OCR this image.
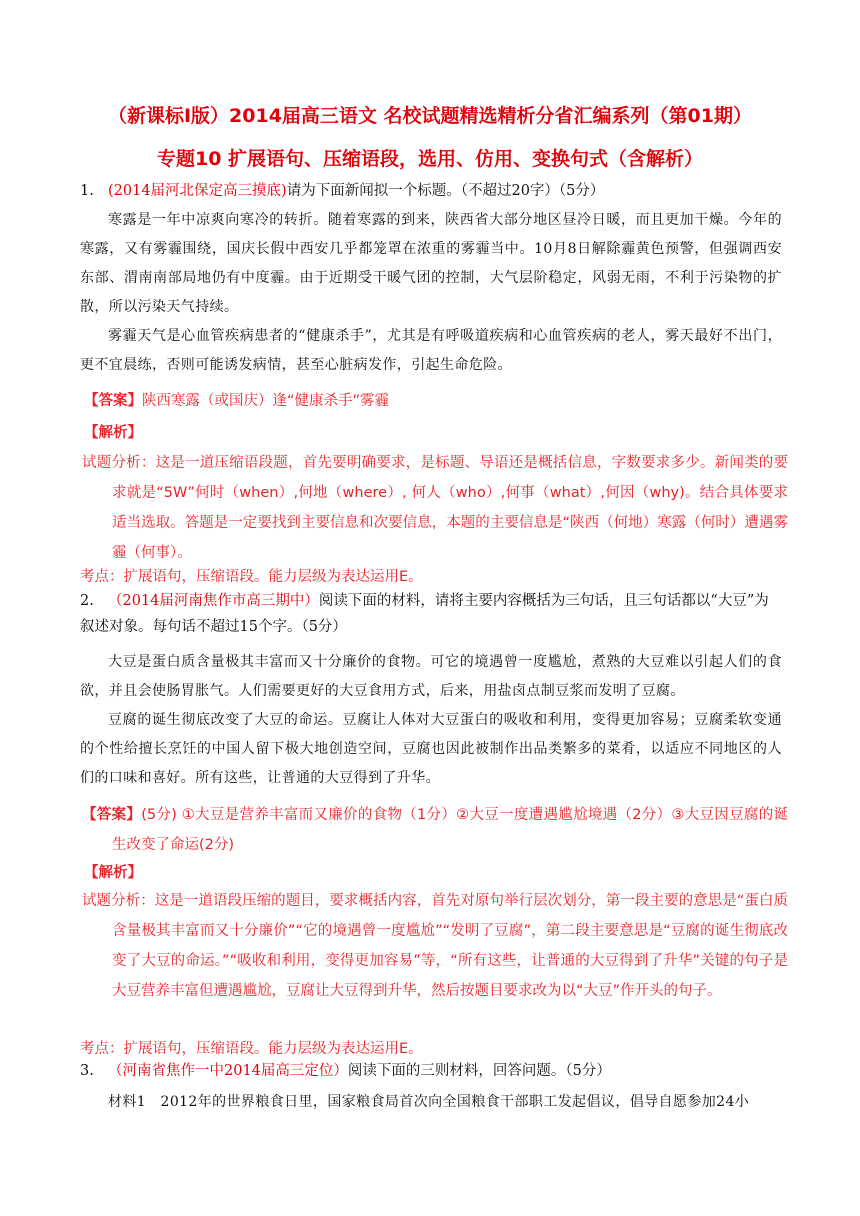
（新课标Ⅰ版）2014届高三语文 名校试题精选精析分省汇编系列（第01期）
专题10 扩展语句、压缩语段，选用、仿用、变换句式（含解析）
1. (2014届河北保定高三摸底)请为下面新闻拟一个标题。（不超过20字）（5分）
寒露是一年中凉爽向寒冷的转折。随着寒露的到来，陕西省大部分地区昼冷日暖，而且更加干燥。今年的寒露，又有雾霾围绕，国庆长假中西安几乎都笼罩在浓重的雾霾当中。10月8日解除霾黄色预警，但强调西安东部、渭南南部局地仍有中度霾。由于近期受干暖气团的控制，大气层阶稳定，风弱无雨，不利于污染物的扩散，所以污染天气持续。
雾霾天气是心血管疾病患者的“健康杀手”，尤其是有呼吸道疾病和心血管疾病的老人，雾天最好不出门，更不宜晨练，否则可能诱发病情，甚至心脏病发作，引起生命危险。
【答案】陕西寒露（或国庆）逢“健康杀手”雾霾
【解析】
试题分析：这是一道压缩语段题，首先要明确要求，是标题、导语还是概括信息，字数要求多少。新闻类的要求就是“5W”何时（when）,何地（where）, 何人（who）,何事（what）,何因（why)。结合具体要求适当选取。答题是一定要找到主要信息和次要信息，本题的主要信息是“陕西（何地）寒露（何时）遭遇雾霾（何事）。
考点：扩展语句，压缩语段。能力层级为表达运用E。
2. （2014届河南焦作市高三期中）阅读下面的材料，请将主要内容概括为三句话，且三句话都以“大豆”为
叙述对象。每句话不超过15个字。（5分）
大豆是蛋白质含量极其丰富而又十分廉价的食物。可它的境遇曾一度尴尬，煮熟的大豆难以引起人们的食欲，并且会使肠胃胀气。人们需要更好的大豆食用方式，后来，用盐卤点制豆浆而发明了豆腐。
豆腐的诞生彻底改变了大豆的命运。豆腐让人体对大豆蛋白的吸收和利用，变得更加容易；豆腐柔软变通的个性给擅长烹饪的中国人留下极大地创造空间，豆腐也因此被制作出品类繁多的菜肴，以适应不同地区的人们的口味和喜好。所有这些，让普通的大豆得到了升华。
【答案】(5分) ①大豆是营养丰富而又廉价的食物（1分）②大豆一度遭遇尴尬境遇（2分）③大豆因豆腐的诞生改变了命运(2分)
【解析】
试题分析：这是一道语段压缩的题目，要求概括内容，首先对原句举行层次划分，第一段主要的意思是“蛋白质含量极其丰富而又十分廉价”“它的境遇曾一度尴尬”“发明了豆腐”，第二段主要意思是“豆腐的诞生彻底改变了大豆的命运。”“吸收和利用，变得更加容易”等，“所有这些，让普通的大豆得到了升华”关键的句子是大豆营养丰富但遭遇尴尬，豆腐让大豆得到升华，然后按题目要求改为以“大豆”作开头的句子。
考点：扩展语句，压缩语段。能力层级为表达运用E。
3. （河南省焦作一中2014届高三定位）阅读下面的三则材料，回答问题。（5分）
材料1　2012年的世界粮食日里，国家粮食局首次向全国粮食干部职工发起倡议，倡导自愿参加24小
